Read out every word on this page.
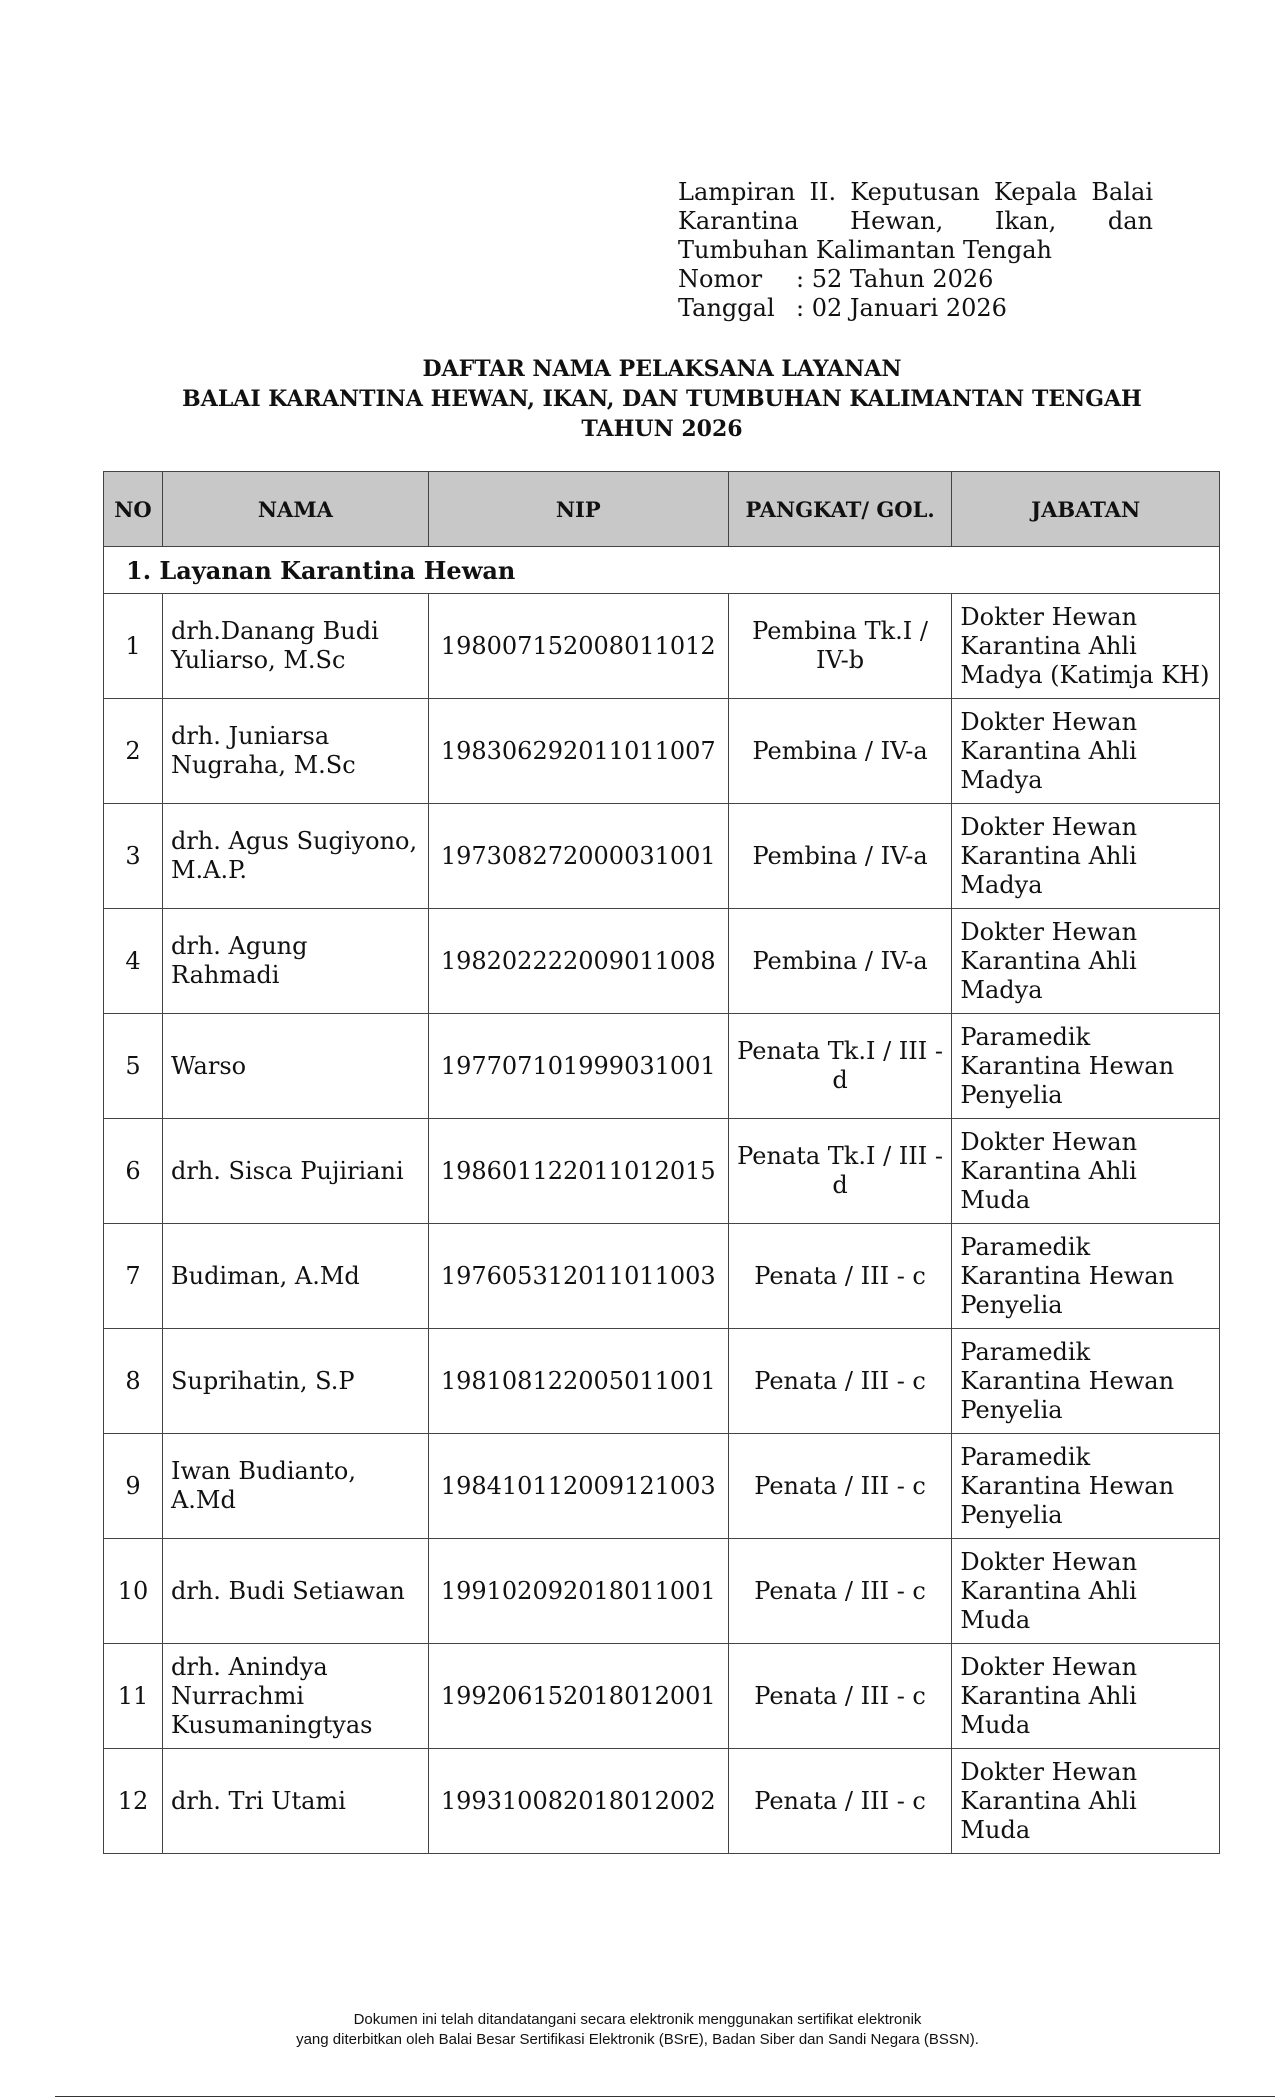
Lampiran II. Keputusan Kepala Balai
Karantina Hewan, Ikan, dan
Tumbuhan Kalimantan Tengah
Nomor	: 52 Tahun 2026
Tanggal : 02 Januari 2026
DAFTAR NAMA PELAKSANA LAYANAN
BALAI KARANTINA HEWAN, IKAN, DAN TUMBUHAN KALIMANTAN TENGAH
TAHUN 2026
NO	NAMA	NIP	PANGKAT/ GOL.	JABATAN
1. Layanan Karantina Hewan				
1	drh.Danang Budi Yuliarso, M.Sc	198007152008011012	Pembina Tk.I / IV-b	Dokter Hewan Karantina Ahli Madya (Katimja KH)
2	drh. Juniarsa Nugraha, M.Sc	198306292011011007	Pembina / IV-a	Dokter Hewan Karantina Ahli Madya
3	drh. Agus Sugiyono, M.A.P.	197308272000031001	Pembina / IV-a	Dokter Hewan Karantina Ahli Madya
4	drh. Agung Rahmadi	198202222009011008	Pembina / IV-a	Dokter Hewan Karantina Ahli Madya
5	Warso	197707101999031001	Penata Tk.I / III - d	Paramedik Karantina Hewan Penyelia
6	drh. Sisca Pujiriani	198601122011012015	Penata Tk.I / III - d	Dokter Hewan Karantina Ahli Muda
7	Budiman, A.Md	197605312011011003	Penata / III - c	Paramedik Karantina Hewan Penyelia
8	Suprihatin, S.P	198108122005011001	Penata / III - c	Paramedik Karantina Hewan Penyelia
9	Iwan Budianto, A.Md	198410112009121003	Penata / III - c	Paramedik Karantina Hewan Penyelia
10	drh. Budi Setiawan	199102092018011001	Penata / III - c	Dokter Hewan Karantina Ahli Muda
11	drh. Anindya Nurrachmi Kusumaningtyas	199206152018012001	Penata / III - c	Dokter Hewan Karantina Ahli Muda
12	drh. Tri Utami	199310082018012002	Penata / III - c	Dokter Hewan Karantina Ahli Muda
Dokumen ini telah ditandatangani secara elektronik menggunakan sertifikat elektronik
yang diterbitkan oleh Balai Besar Sertifikasi Elektronik (BSrE), Badan Siber dan Sandi Negara (BSSN).
